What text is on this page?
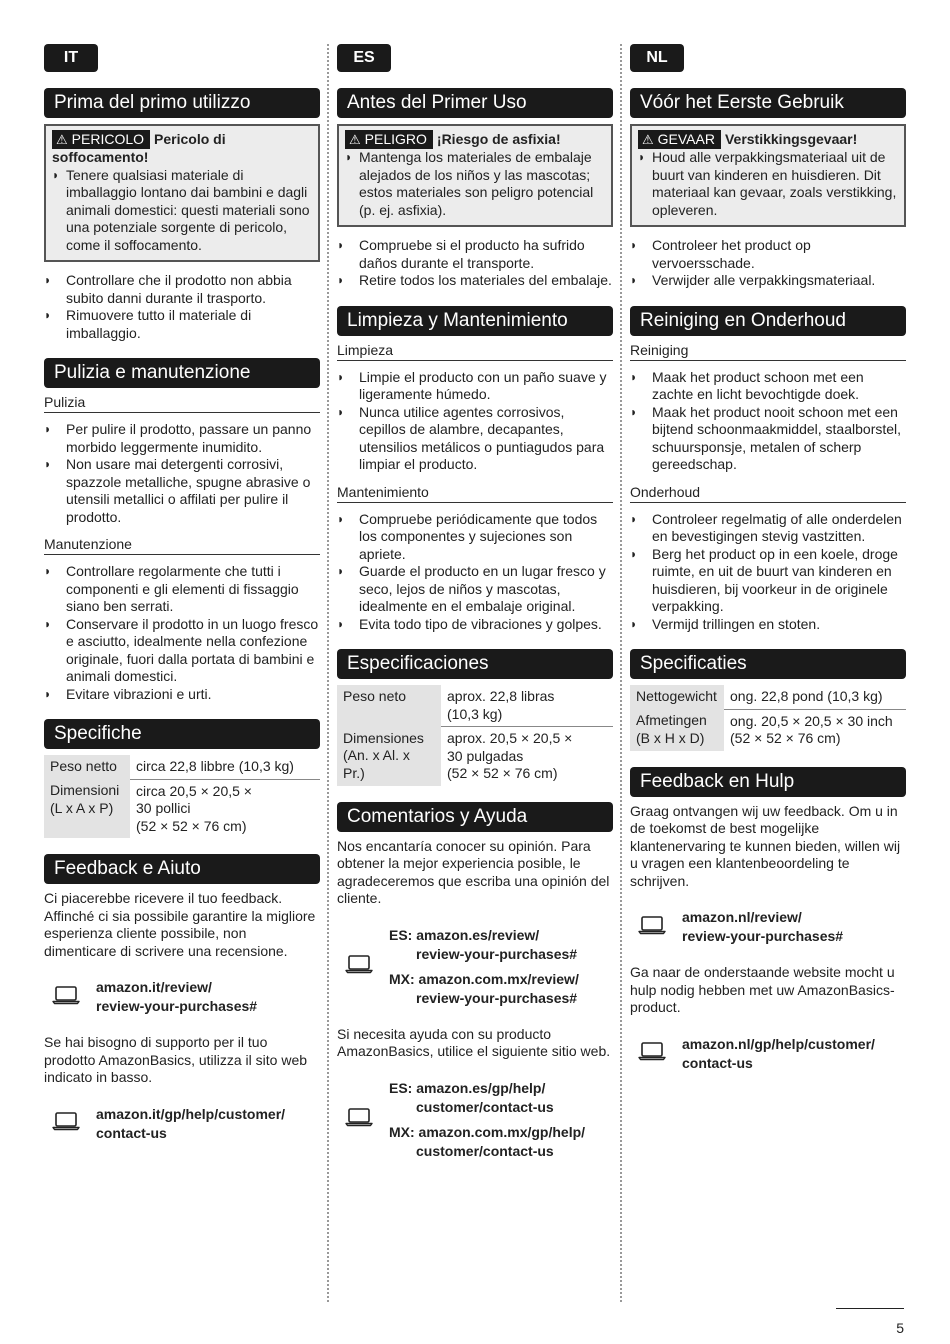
IT
Prima del primo utilizzo
⚠ PERICOLO Pericolo di soffocamento!
◗ Tenere qualsiasi materiale di imballaggio lontano dai bambini e dagli animali domestici: questi materiali sono una potenziale sorgente di pericolo, come il soffocamento.
◗ Controllare che il prodotto non abbia subito danni durante il trasporto.
◗ Rimuovere tutto il materiale di imballaggio.
Pulizia e manutenzione
Pulizia
◗ Per pulire il prodotto, passare un panno morbido leggermente inumidito.
◗ Non usare mai detergenti corrosivi, spazzole metalliche, spugne abrasive o utensili metallici o affilati per pulire il prodotto.
Manutenzione
◗ Controllare regolarmente che tutti i componenti e gli elementi di fissaggio siano ben serrati.
◗ Conservare il prodotto in un luogo fresco e asciutto, idealmente nella confezione originale, fuori dalla portata di bambini e animali domestici.
◗ Evitare vibrazioni e urti.
Specifiche
Peso netto	circa 22,8 libbre (10,3 kg)
Dimensioni
(L x A x P)	circa 20,5 × 20,5 ×
30 pollici
(52 × 52 × 76 cm)
Feedback e Aiuto
Ci piacerebbe ricevere il tuo feedback. Affinché ci sia possibile garantire la migliore esperienza cliente possibile, non dimenticare di scrivere una recensione.
amazon.it/review/
review-your-purchases#
Se hai bisogno di supporto per il tuo prodotto AmazonBasics, utilizza il sito web indicato in basso.
amazon.it/gp/help/customer/
contact-us
ES
Antes del Primer Uso
⚠ PELIGRO ¡Riesgo de asfixia!
◗ Mantenga los materiales de embalaje alejados de los niños y las mascotas; estos materiales son peligro potencial (p. ej. asfixia).
◗ Compruebe si el producto ha sufrido daños durante el transporte.
◗ Retire todos los materiales del embalaje.
Limpieza y Mantenimiento
Limpieza
◗ Limpie el producto con un paño suave y ligeramente húmedo.
◗ Nunca utilice agentes corrosivos, cepillos de alambre, decapantes, utensilios metálicos o puntiagudos para limpiar el producto.
Mantenimiento
◗ Compruebe periódicamente que todos los componentes y sujeciones son apriete.
◗ Guarde el producto en un lugar fresco y seco, lejos de niños y mascotas, idealmente en el embalaje original.
◗ Evita todo tipo de vibraciones y golpes.
Especificaciones
Peso neto	aprox. 22,8 libras
(10,3 kg)
Dimensiones
(An. x Al. x Pr.)	aprox. 20,5 × 20,5 ×
30 pulgadas
(52 × 52 × 76 cm)
Comentarios y Ayuda
Nos encantaría conocer su opinión. Para obtener la mejor experiencia posible, le agradeceremos que escriba una opinión del cliente.
ES: amazon.es/review/
review-your-purchases#
MX: amazon.com.mx/review/
review-your-purchases#
Si necesita ayuda con su producto AmazonBasics, utilice el siguiente sitio web.
ES: amazon.es/gp/help/
customer/contact-us
MX: amazon.com.mx/gp/help/
customer/contact-us
NL
Vóór het Eerste Gebruik
⚠ GEVAAR Verstikkingsgevaar!
◗ Houd alle verpakkingsmateriaal uit de buurt van kinderen en huisdieren. Dit materiaal kan gevaar, zoals verstikking, opleveren.
◗ Controleer het product op vervoersschade.
◗ Verwijder alle verpakkingsmateriaal.
Reiniging en Onderhoud
Reiniging
◗ Maak het product schoon met een zachte en licht bevochtigde doek.
◗ Maak het product nooit schoon met een bijtend schoonmaakmiddel, staalborstel, schuursponsje, metalen of scherp gereedschap.
Onderhoud
◗ Controleer regelmatig of alle onderdelen en bevestigingen stevig vastzitten.
◗ Berg het product op in een koele, droge ruimte, en uit de buurt van kinderen en huisdieren, bij voorkeur in de originele verpakking.
◗ Vermijd trillingen en stoten.
Specificaties
Nettogewicht	ong. 22,8 pond (10,3 kg)
Afmetingen
(B x H x D)	ong. 20,5 × 20,5 × 30 inch
(52 × 52 × 76 cm)
Feedback en Hulp
Graag ontvangen wij uw feedback. Om u in de toekomst de best mogelijke klantenervaring te kunnen bieden, willen wij u vragen een klantenbeoordeling te schrijven.
amazon.nl/review/
review-your-purchases#
Ga naar de onderstaande website mocht u hulp nodig hebben met uw AmazonBasics-product.
amazon.nl/gp/help/customer/
contact-us
5
